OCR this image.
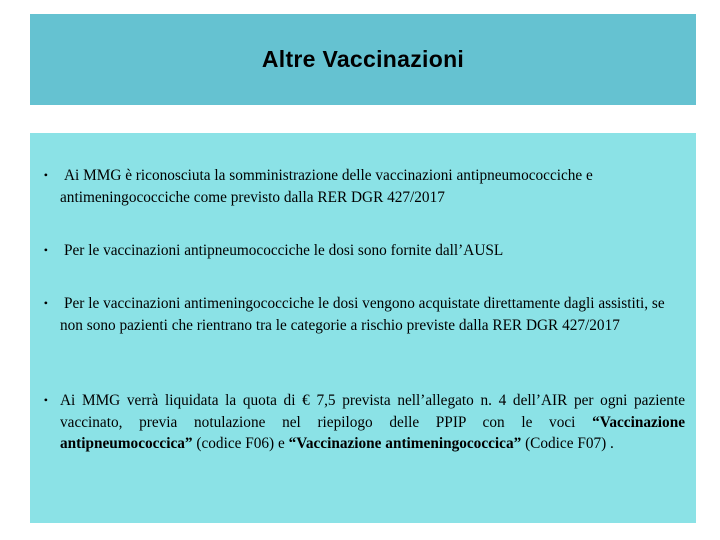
Altre Vaccinazioni
• Ai MMG è riconosciuta la somministrazione delle vaccinazioni antipneumococciche e antimeningococciche come previsto dalla RER DGR 427/2017
• Per le vaccinazioni antipneumococciche le dosi sono fornite dall’AUSL
• Per le vaccinazioni antimeningococciche le dosi vengono acquistate direttamente dagli assistiti, se non sono pazienti che rientrano tra le categorie a rischio previste dalla RER DGR 427/2017
• Ai MMG verrà liquidata la quota di € 7,5 prevista nell’allegato n. 4 dell’AIR per ogni paziente vaccinato, previa notulazione nel riepilogo delle PPIP con le voci “Vaccinazione antipneumococcica” (codice F06) e “Vaccinazione antimeningococcica” (Codice F07) .
